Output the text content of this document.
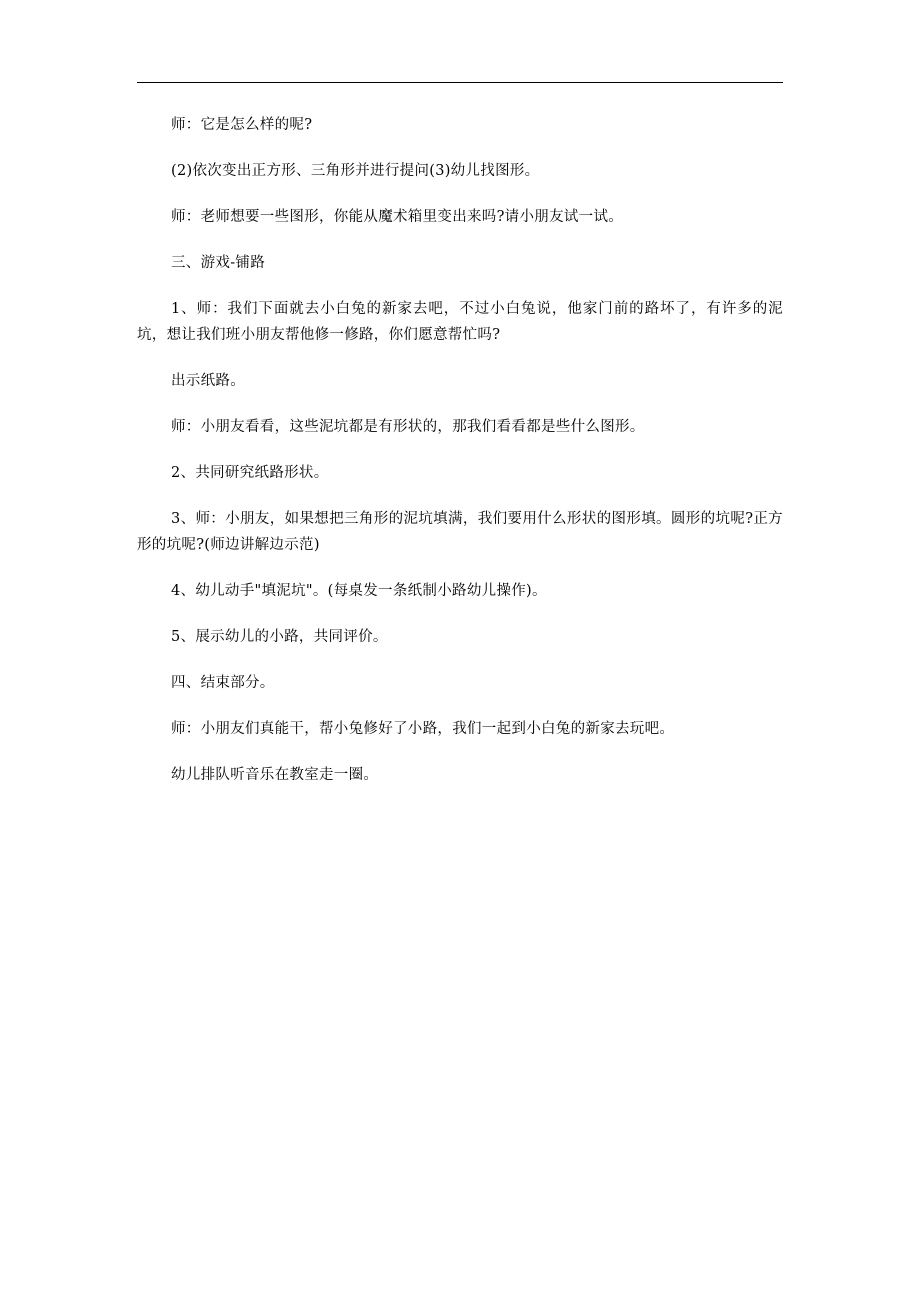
师：它是怎么样的呢?

(2)依次变出正方形、三角形并进行提问(3)幼儿找图形。

师：老师想要一些图形，你能从魔术箱里变出来吗?请小朋友试一试。

三、游戏-铺路

1、师：我们下面就去小白兔的新家去吧，不过小白兔说，他家门前的路坏了，有许多的泥坑，想让我们班小朋友帮他修一修路，你们愿意帮忙吗?

出示纸路。

师：小朋友看看，这些泥坑都是有形状的，那我们看看都是些什么图形。

2、共同研究纸路形状。

3、师：小朋友，如果想把三角形的泥坑填满，我们要用什么形状的图形填。圆形的坑呢?正方形的坑呢?(师边讲解边示范)

4、幼儿动手"填泥坑"。(每桌发一条纸制小路幼儿操作)。

5、展示幼儿的小路，共同评价。

四、结束部分。

师：小朋友们真能干，帮小兔修好了小路，我们一起到小白兔的新家去玩吧。

幼儿排队听音乐在教室走一圈。
